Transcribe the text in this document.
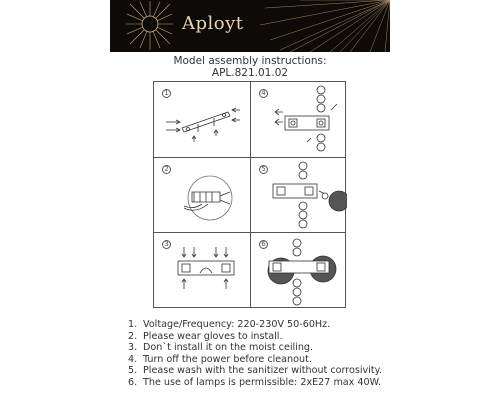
Aployt
Model assembly instructions:
APL.821.01.02
1	4
2	5
3	6
1. Voltage/Frequency: 220-230V 50-60Hz.
2. Please wear gloves to install.
3. Don`t install it on the moist ceiling.
4. Turn off the power before cleanout.
5. Please wash with the sanitizer without corrosivity.
6. The use of lamps is permissible: 2xE27 max 40W.
